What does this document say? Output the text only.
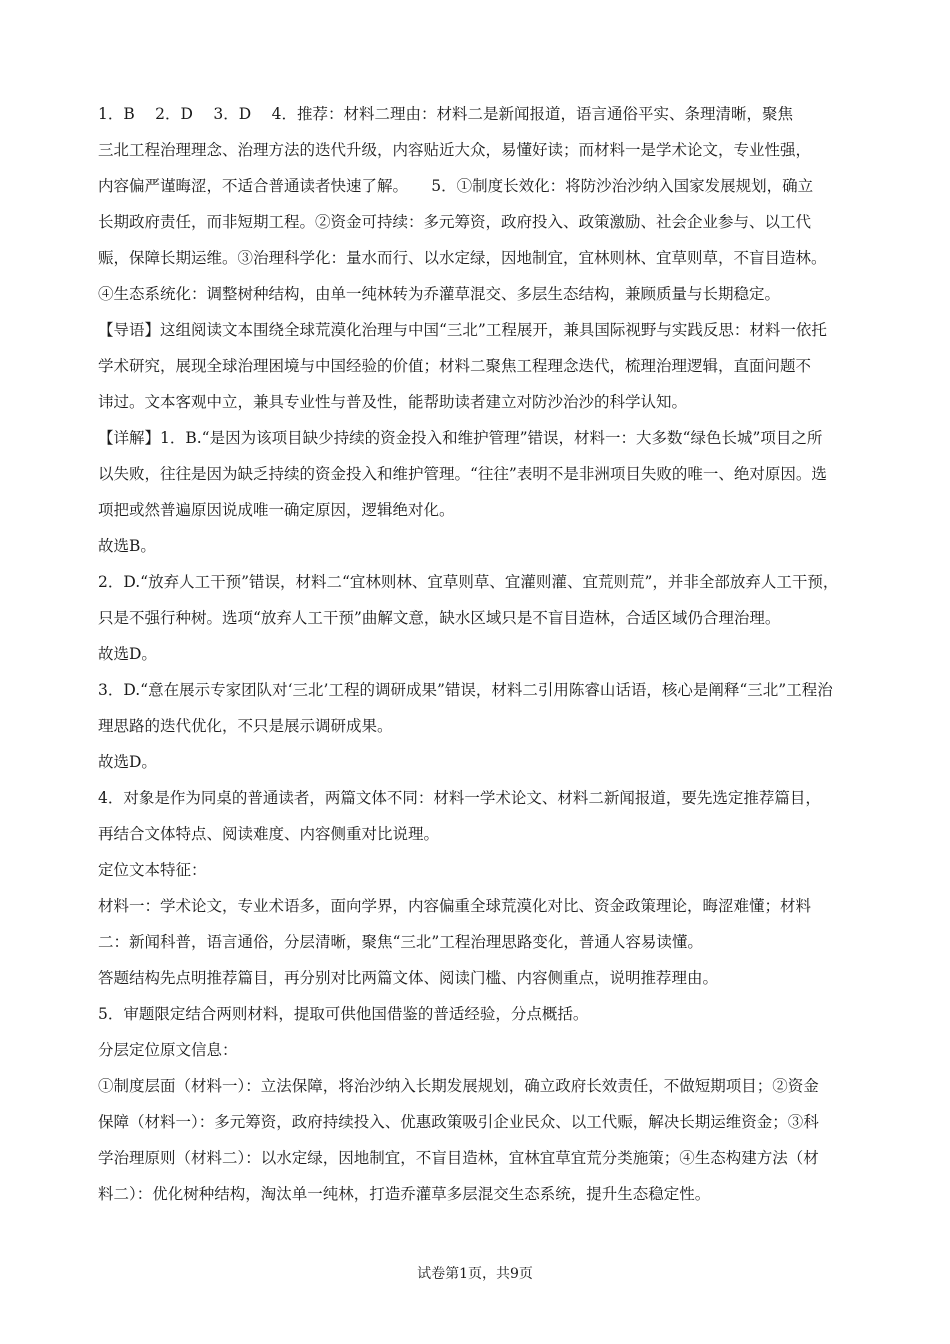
1．B　 2．D　 3．D　 4．推荐：材料二理由：材料二是新闻报道，语言通俗平实、条理清晰，聚焦
三北工程治理理念、治理方法的迭代升级，内容贴近大众，易懂好读；而材料一是学术论文，专业性强，
内容偏严谨晦涩，不适合普通读者快速了解。　　5．①制度长效化：将防沙治沙纳入国家发展规划，确立
长期政府责任，而非短期工程。②资金可持续：多元筹资，政府投入、政策激励、社会企业参与、以工代
赈，保障长期运维。③治理科学化：量水而行、以水定绿，因地制宜，宜林则林、宜草则草，不盲目造林。
④生态系统化：调整树种结构，由单一纯林转为乔灌草混交、多层生态结构，兼顾质量与长期稳定。
【导语】这组阅读文本围绕全球荒漠化治理与中国“三北”工程展开，兼具国际视野与实践反思：材料一依托
学术研究，展现全球治理困境与中国经验的价值；材料二聚焦工程理念迭代，梳理治理逻辑，直面问题不
讳过。文本客观中立，兼具专业性与普及性，能帮助读者建立对防沙治沙的科学认知。
【详解】1．B.“是因为该项目缺少持续的资金投入和维护管理”错误，材料一：大多数“绿色长城”项目之所
以失败，往往是因为缺乏持续的资金投入和维护管理。“往往”表明不是非洲项目失败的唯一、绝对原因。选
项把或然普遍原因说成唯一确定原因，逻辑绝对化。
故选B。
2．D.“放弃人工干预”错误，材料二“宜林则林、宜草则草、宜灌则灌、宜荒则荒”，并非全部放弃人工干预，
只是不强行种树。选项“放弃人工干预”曲解文意，缺水区域只是不盲目造林，合适区域仍合理治理。
故选D。
3．D.“意在展示专家团队对‘三北’工程的调研成果”错误，材料二引用陈睿山话语，核心是阐释“三北”工程治
理思路的迭代优化，不只是展示调研成果。
故选D。
4．对象是作为同桌的普通读者，两篇文体不同：材料一学术论文、材料二新闻报道，要先选定推荐篇目，
再结合文体特点、阅读难度、内容侧重对比说理。
定位文本特征：
材料一：学术论文，专业术语多，面向学界，内容偏重全球荒漠化对比、资金政策理论，晦涩难懂；材料
二：新闻科普，语言通俗，分层清晰，聚焦“三北”工程治理思路变化，普通人容易读懂。
答题结构先点明推荐篇目，再分别对比两篇文体、阅读门槛、内容侧重点，说明推荐理由。
5．审题限定结合两则材料，提取可供他国借鉴的普适经验，分点概括。
分层定位原文信息：
①制度层面（材料一）：立法保障，将治沙纳入长期发展规划，确立政府长效责任，不做短期项目；②资金
保障（材料一）：多元筹资，政府持续投入、优惠政策吸引企业民众、以工代赈，解决长期运维资金；③科
学治理原则（材料二）：以水定绿，因地制宜，不盲目造林，宜林宜草宜荒分类施策；④生态构建方法（材
料二）：优化树种结构，淘汰单一纯林，打造乔灌草多层混交生态系统，提升生态稳定性。
试卷第1页，共9页
